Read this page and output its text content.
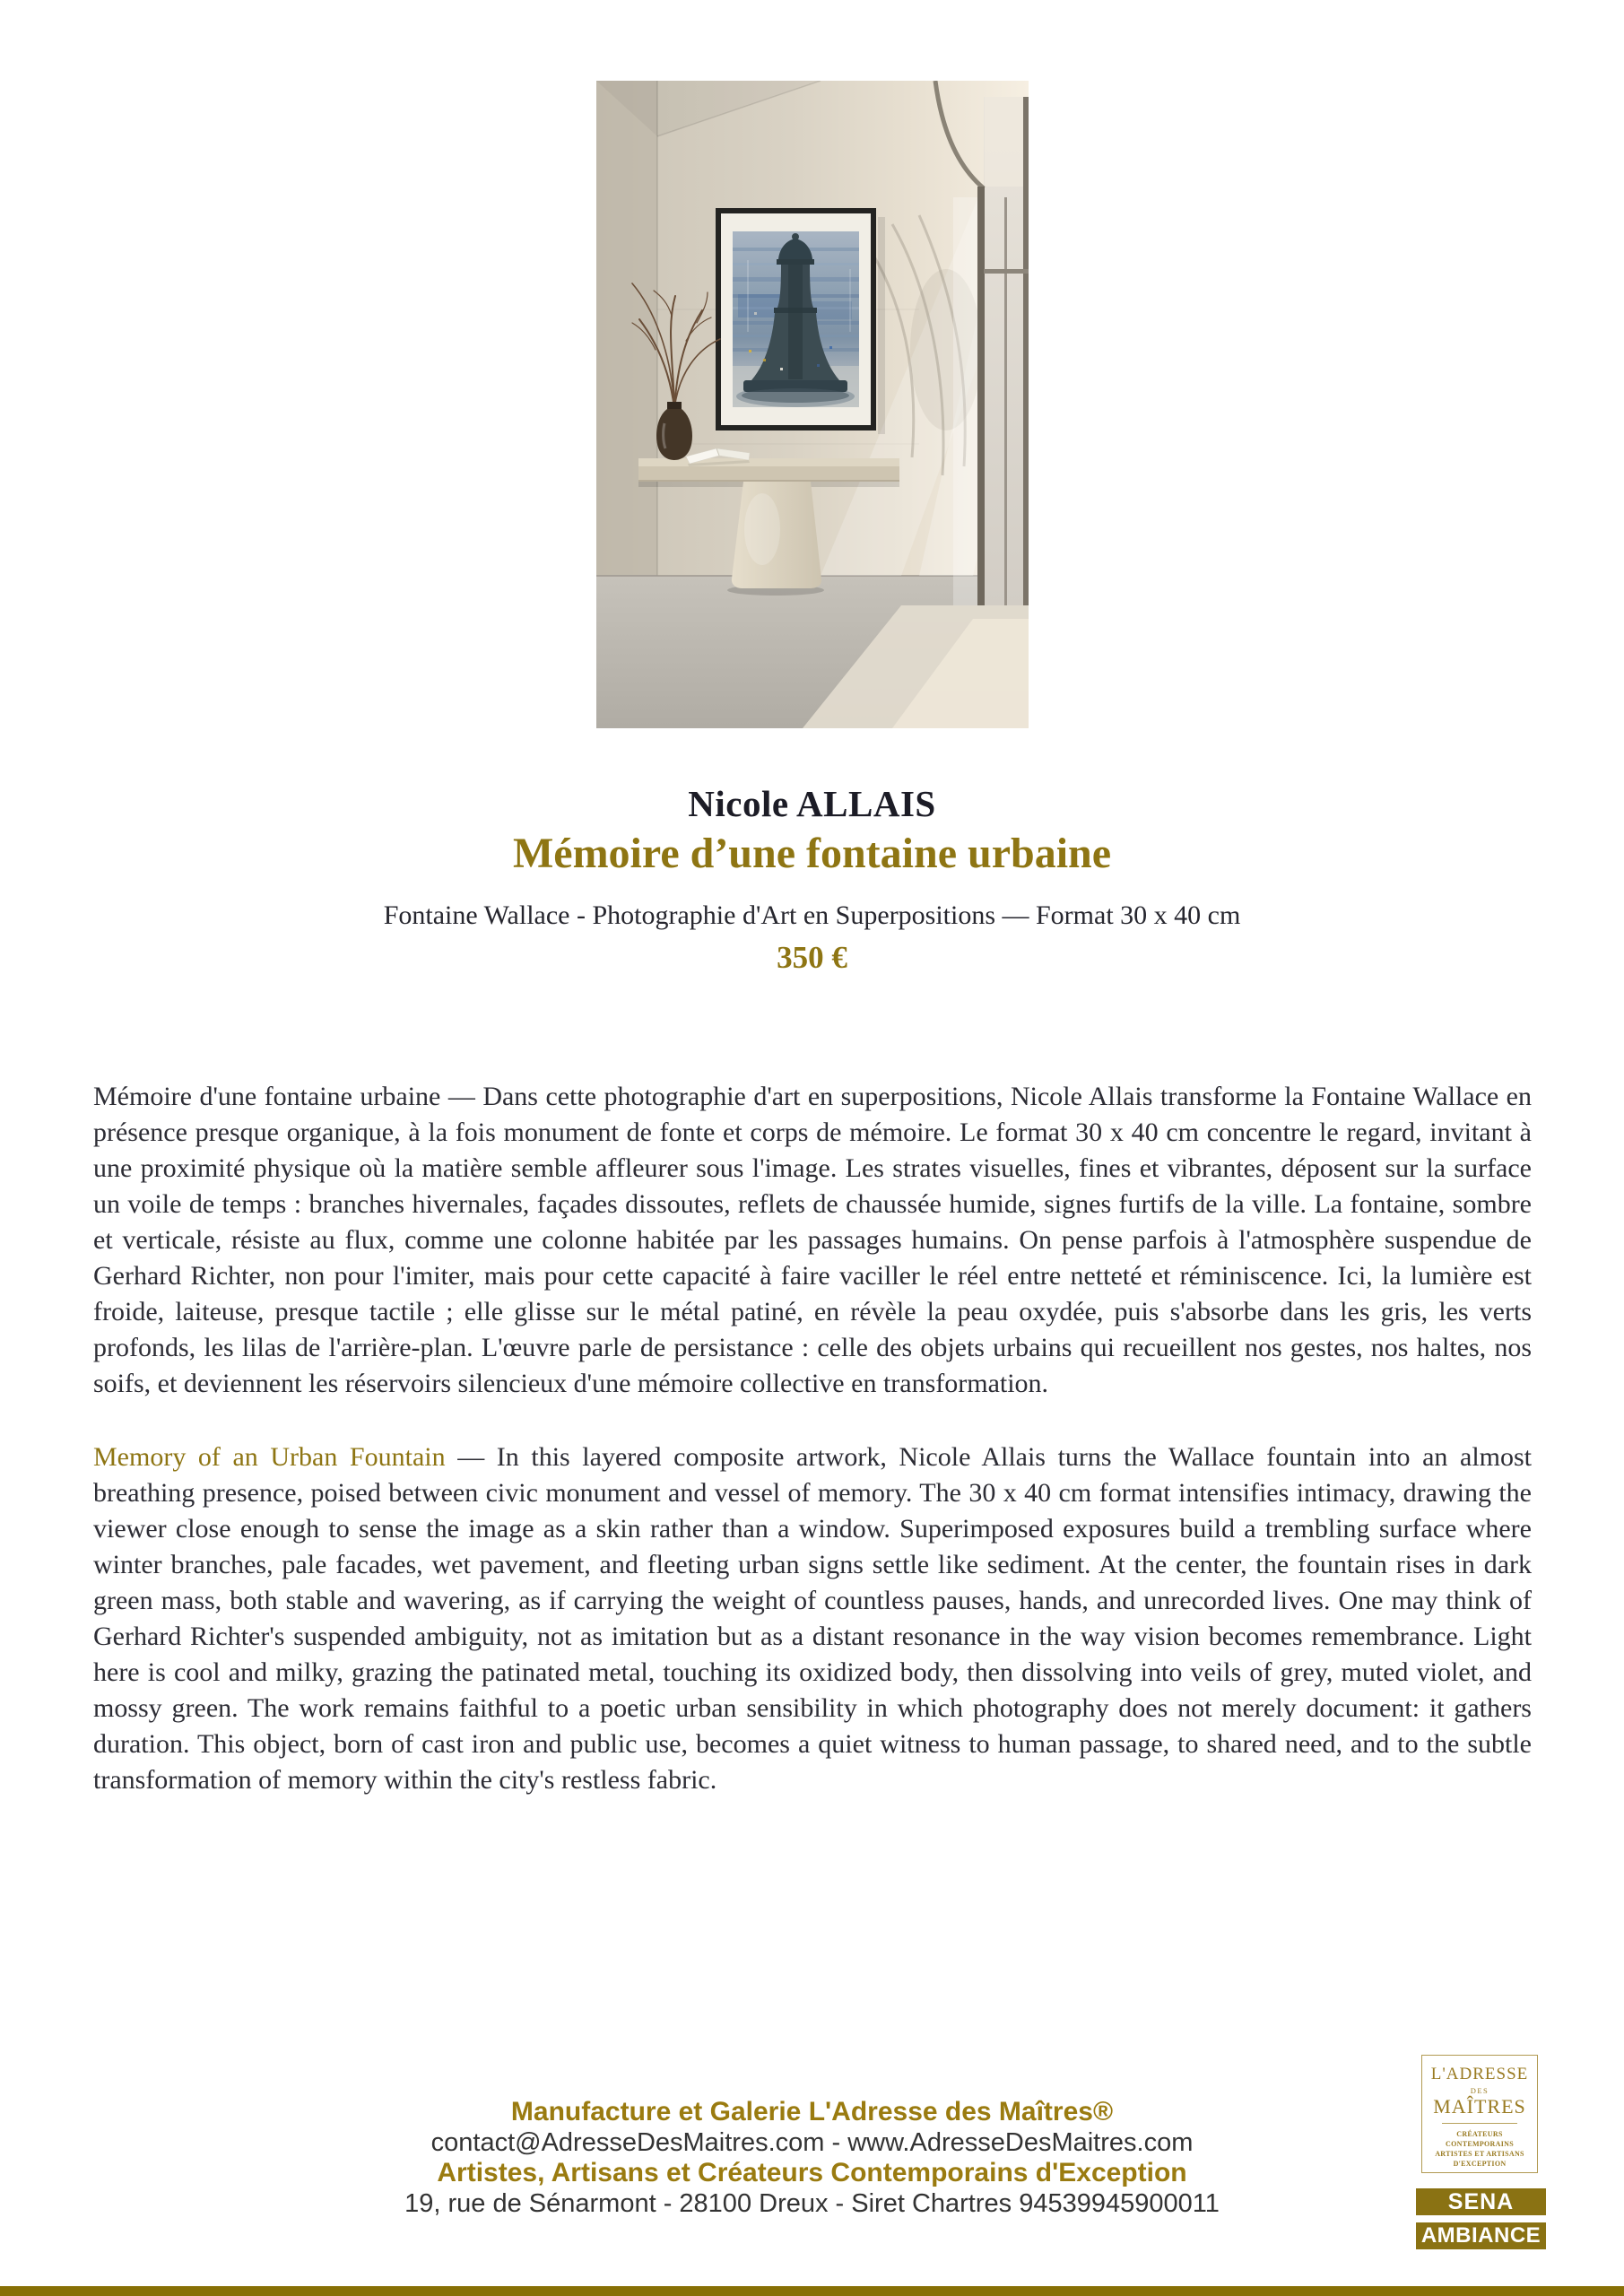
Nicole ALLAIS
Mémoire d’une fontaine urbaine
Fontaine Wallace - Photographie d'Art en Superpositions — Format 30 x 40 cm
350 €

Mémoire d'une fontaine urbaine — Dans cette photographie d'art en superpositions, Nicole Allais transforme la Fontaine Wallace en présence presque organique, à la fois monument de fonte et corps de mémoire. Le format 30 x 40 cm concentre le regard, invitant à une proximité physique où la matière semble affleurer sous l'image. Les strates visuelles, fines et vibrantes, déposent sur la surface un voile de temps : branches hivernales, façades dissoutes, reflets de chaussée humide, signes furtifs de la ville. La fontaine, sombre et verticale, résiste au flux, comme une colonne habitée par les passages humains. On pense parfois à l'atmosphère suspendue de Gerhard Richter, non pour l'imiter, mais pour cette capacité à faire vaciller le réel entre netteté et réminiscence. Ici, la lumière est froide, laiteuse, presque tactile ; elle glisse sur le métal patiné, en révèle la peau oxydée, puis s'absorbe dans les gris, les verts profonds, les lilas de l'arrière-plan. L'œuvre parle de persistance : celle des objets urbains qui recueillent nos gestes, nos haltes, nos soifs, et deviennent les réservoirs silencieux d'une mémoire collective en transformation.

Memory of an Urban Fountain — In this layered composite artwork, Nicole Allais turns the Wallace fountain into an almost breathing presence, poised between civic monument and vessel of memory. The 30 x 40 cm format intensifies intimacy, drawing the viewer close enough to sense the image as a skin rather than a window. Superimposed exposures build a trembling surface where winter branches, pale facades, wet pavement, and fleeting urban signs settle like sediment. At the center, the fountain rises in dark green mass, both stable and wavering, as if carrying the weight of countless pauses, hands, and unrecorded lives. One may think of Gerhard Richter's suspended ambiguity, not as imitation but as a distant resonance in the way vision becomes remembrance. Light here is cool and milky, grazing the patinated metal, touching its oxidized body, then dissolving into veils of grey, muted violet, and mossy green. The work remains faithful to a poetic urban sensibility in which photography does not merely document: it gathers duration. This object, born of cast iron and public use, becomes a quiet witness to human passage, to shared need, and to the subtle transformation of memory within the city's restless fabric.

Manufacture et Galerie L'Adresse des Maîtres®
contact@AdresseDesMaitres.com - www.AdresseDesMaitres.com
Artistes, Artisans et Créateurs Contemporains d'Exception
19, rue de Sénarmont - 28100 Dreux - Siret Chartres 94539945900011
L'ADRESSE
DES
MAÎTRES
CRÉATEURS CONTEMPORAINS
ARTISTES ET ARTISANS
D'EXCEPTION
SENA
AMBIANCE
